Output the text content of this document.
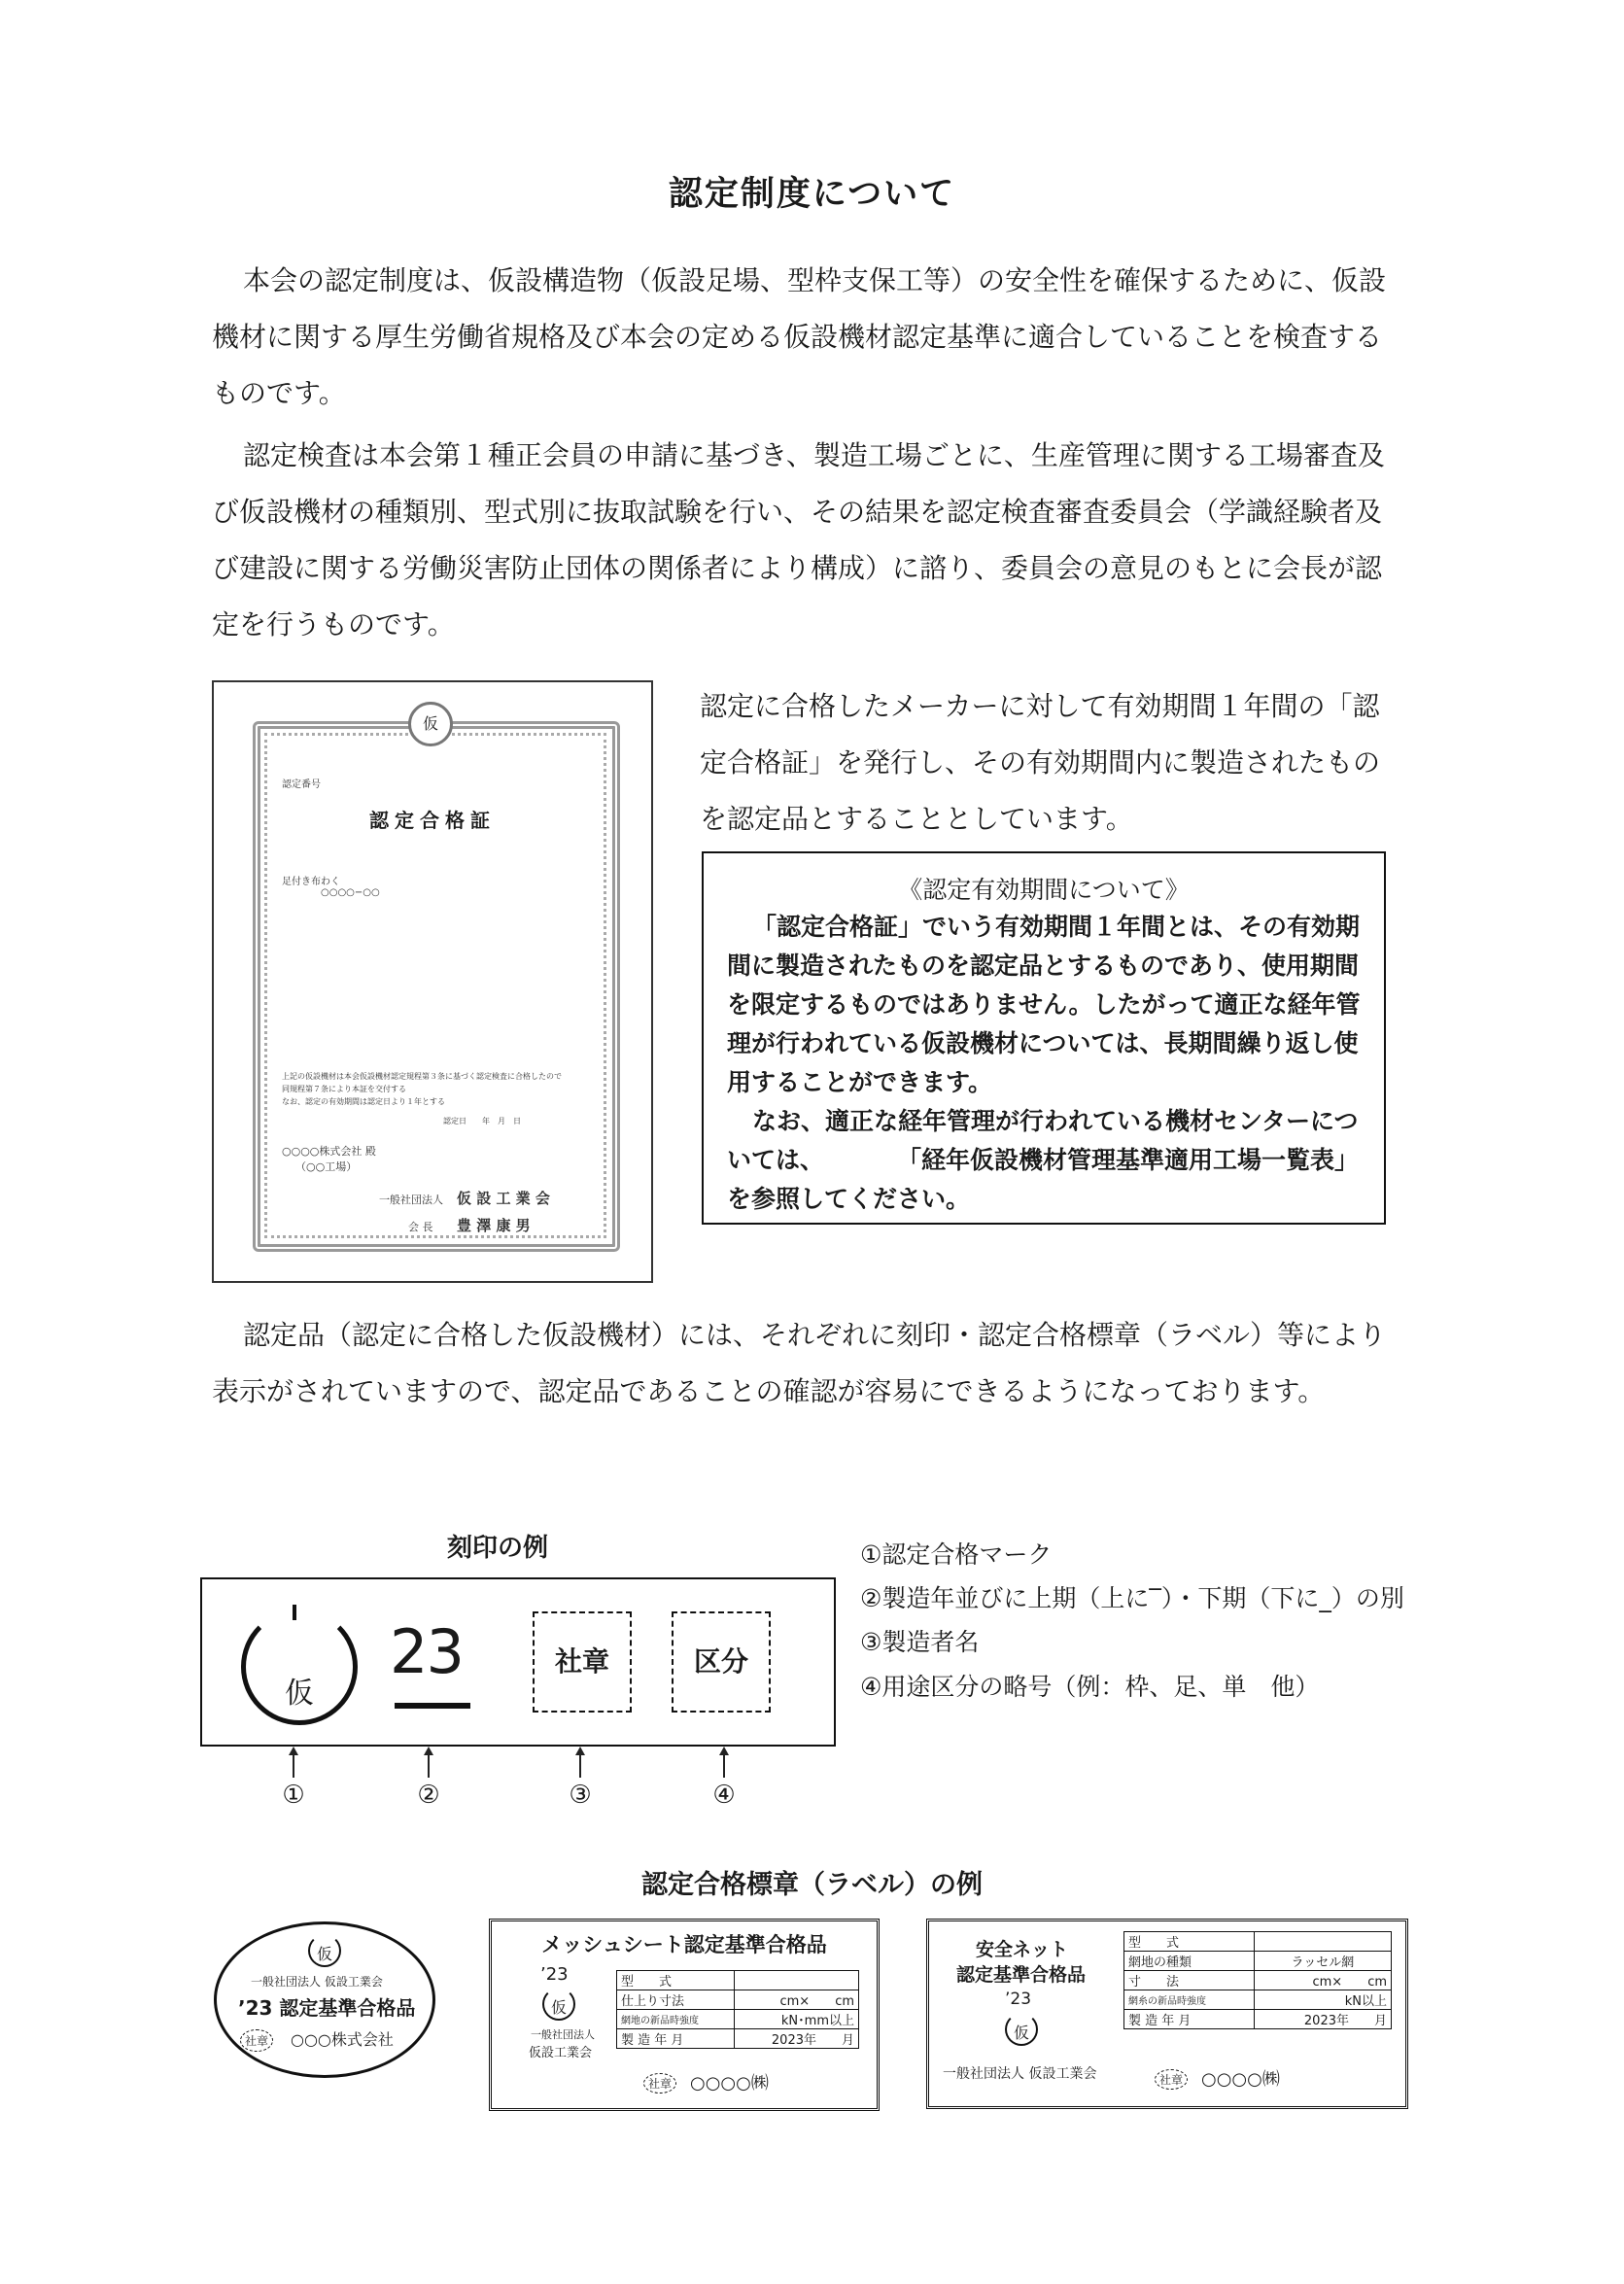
認定制度について
本会の認定制度は、仮設構造物（仮設足場、型枠支保工等）の安全性を確保するために、仮設機材に関する厚生労働省規格及び本会の定める仮設機材認定基準に適合していることを検査するものです。
認定検査は本会第１種正会員の申請に基づき、製造工場ごとに、生産管理に関する工場審査及び仮設機材の種類別、型式別に抜取試験を行い、その結果を認定検査審査委員会（学識経験者及び建設に関する労働災害防止団体の関係者により構成）に諮り、委員会の意見のもとに会長が認定を行うものです。
認定に合格したメーカーに対して有効期間１年間の「認定合格証」を発行し、その有効期間内に製造されたものを認定品とすることとしています。
仮
認定番号
認定合格証
足付き布わく
○○○○−○○
上記の仮設機材は本会仮設機材認定規程第３条に基づく認定検査に合格したので
同規程第７条により本証を交付する
なお、認定の有効期間は認定日より１年とする
認定日　　年　月　日
○○○○株式会社 殿
（○○工場）
一般社団法人 仮 設 工 業 会
会 長 豊 澤 康 男
《認定有効期間について》

「認定合格証」でいう有効期間１年間とは、その有効期間に製造されたものを認定品とするものであり、使用期間を限定するものではありません。したがって適正な経年管理が行われている仮設機材については、長期間繰り返し使用することができます。

なお、適正な経年管理が行われている機材センターについては、　　　　「経年仮設機材管理基準適用工場一覧表」を参照してください。

認定品（認定に合格した仮設機材）には、それぞれに刻印・認定合格標章（ラベル）等により表示がされていますので、認定品であることの確認が容易にできるようになっております。
刻印の例
仮
23	社章	区分
①	②	③	④
①認定合格マーク
②製造年並びに上期（上に‾）・下期（下に_）の別
③製造者名
④用途区分の略号（例：枠、足、単　他）
認定合格標章（ラベル）の例
仮
一般社団法人 仮設工業会
’23 認定基準合格品
社章	○○○株式会社
メッシュシート認定基準合格品
’23
仮
一般社団法人
仮設工業会
型　　式	
仕上り寸法	cm×　　cm
網地の新品時強度	kN･mm以上
製 造 年 月	2023年　　月
社章 ○○○○㈱
安全ネット
認定基準合格品
’23
仮
一般社団法人 仮設工業会
型　　式	
網地の種類	ラッセル網
寸　　法	cm×　　cm
網糸の新品時強度	kN以上
製 造 年 月	2023年　　月
社章 ○○○○㈱
